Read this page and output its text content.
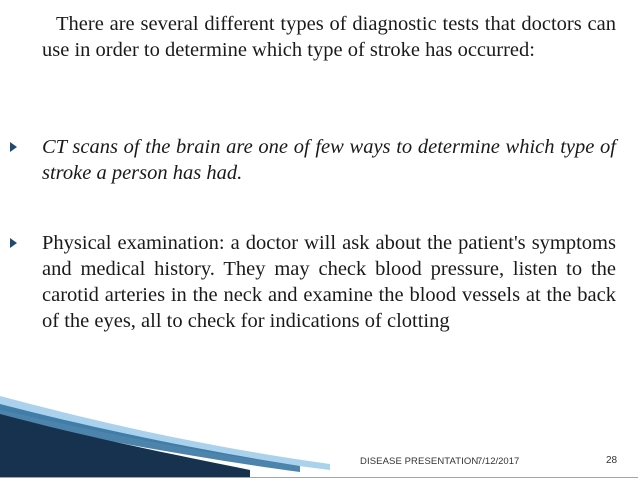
There are several different types of diagnostic tests that doctors can use in order to determine which type of stroke has occurred:

CT scans of the brain are one of few ways to determine which type of stroke a person has had.

Physical examination: a doctor will ask about the patient's symptoms and medical history. They may check blood pressure, listen to the carotid arteries in the neck and examine the blood vessels at the back of the eyes, all to check for indications of clotting

DISEASE PRESENTATION
7/12/2017	28
